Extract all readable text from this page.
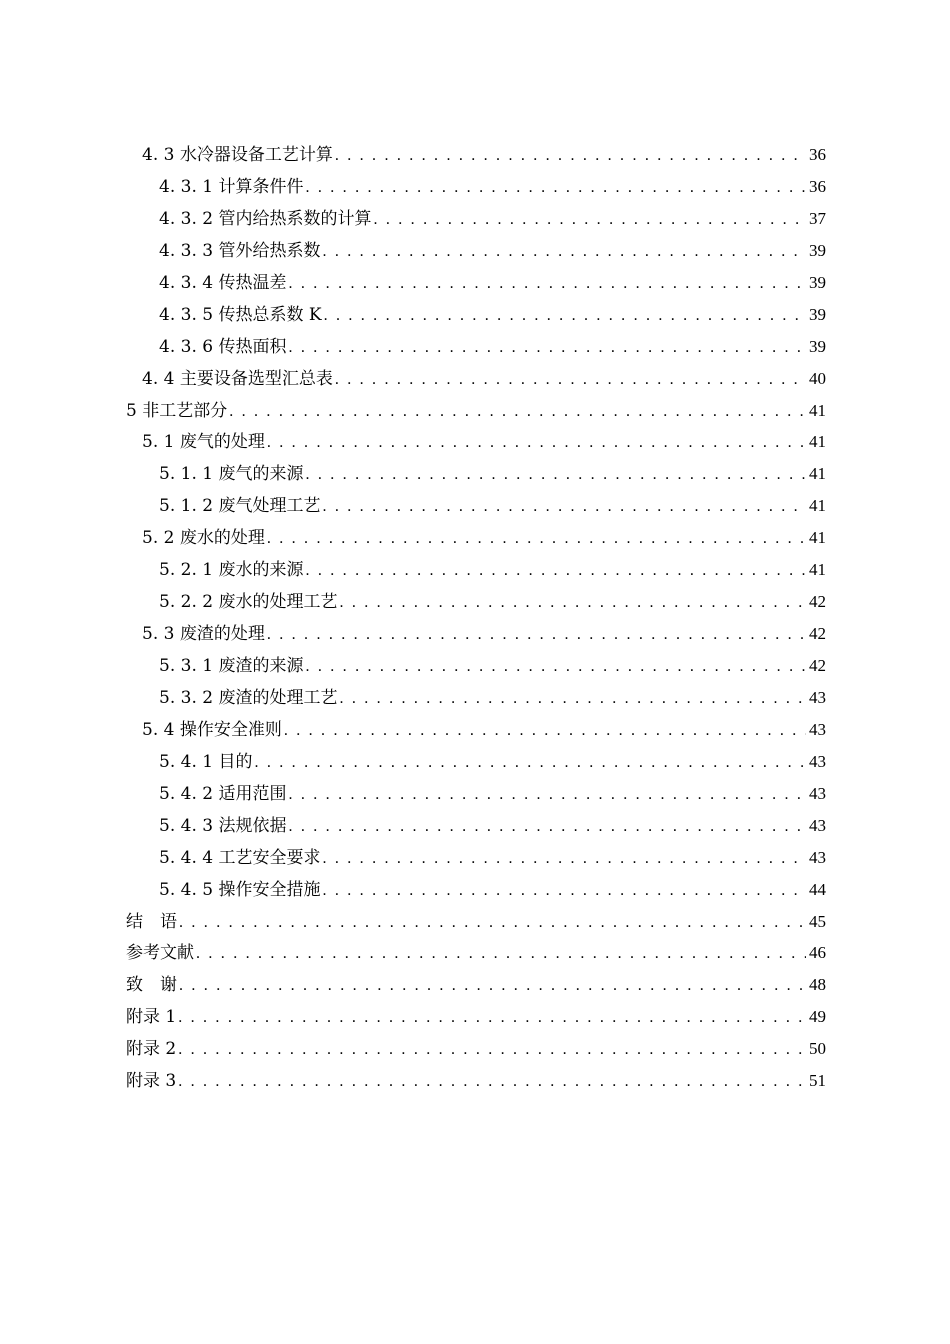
4. 3 水冷器设备工艺计算 . . .	36
4. 3. 1 计算条件件 . . .	36
4. 3. 2 管内给热系数的计算 . . .	37
4. 3. 3 管外给热系数 . . .	39
4. 3. 4 传热温差 . . .	39
4. 3. 5 传热总系数 K . . .	39
4. 3. 6 传热面积 . . .	39
4. 4 主要设备选型汇总表 . . .	40
5 非工艺部分 . . .	41
5. 1 废气的处理 . . .	41
5. 1. 1 废气的来源 . . .	41
5. 1. 2 废气处理工艺 . . .	41
5. 2 废水的处理 . . .	41
5. 2. 1 废水的来源 . . .	41
5. 2. 2 废水的处理工艺 . . .	42
5. 3 废渣的处理 . . .	42
5. 3. 1 废渣的来源 . . .	42
5. 3. 2 废渣的处理工艺 . . .	43
5. 4 操作安全准则 . . .	43
5. 4. 1 目的 . . .	43
5. 4. 2 适用范围 . . .	43
5. 4. 3 法规依据 . . .	43
5. 4. 4 工艺安全要求 . . .	43
5. 4. 5 操作安全措施 . . .	44
结　语 . . .	45
参考文献 . . .	46
致　谢 . . .	48
附录 1 . . .	49
附录 2 . . .	50
附录 3 . . .	51
